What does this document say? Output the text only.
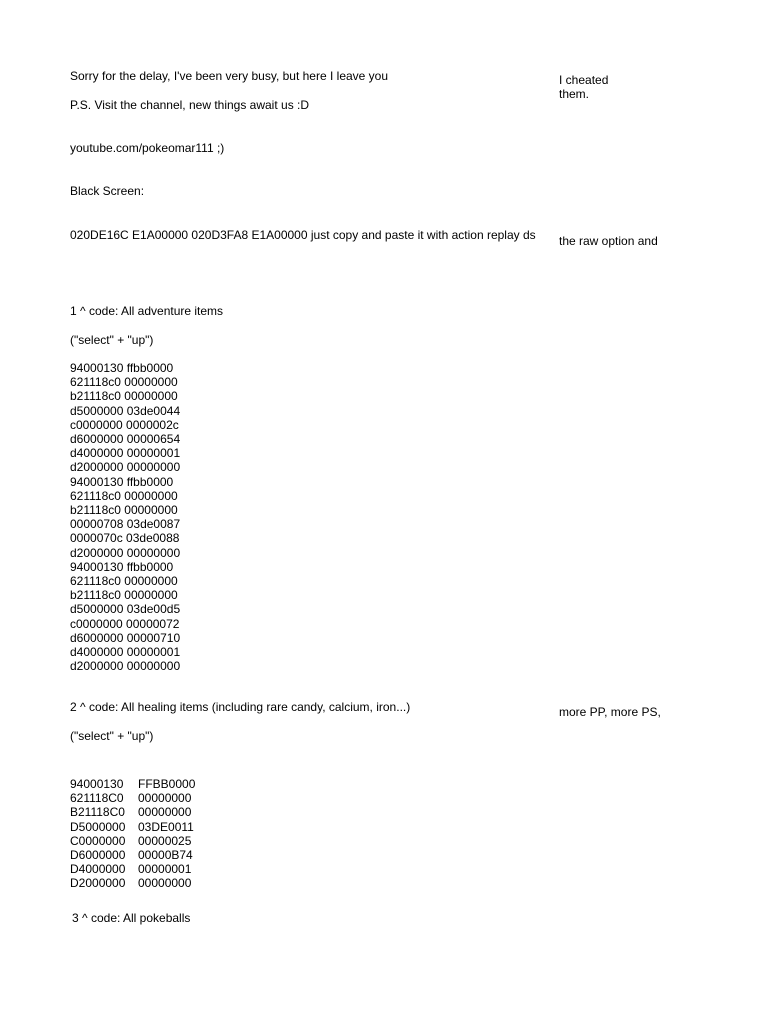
Sorry for the delay, I've been very busy, but here I leave you
P.S. Visit the channel, new things await us :D
youtube.com/pokeomar111 ;)
Black Screen:
020DE16C E1A00000 020D3FA8 E1A00000 just copy and paste it with action replay ds
1 ^ code: All adventure items
("select" + "up")
94000130 ffbb0000
621118c0 00000000
b21118c0 00000000
d5000000 03de0044
c0000000 0000002c
d6000000 00000654
d4000000 00000001
d2000000 00000000
94000130 ffbb0000
621118c0 00000000
b21118c0 00000000
00000708 03de0087
0000070c 03de0088
d2000000 00000000
94000130 ffbb0000
621118c0 00000000
b21118c0 00000000
d5000000 03de00d5
c0000000 00000072
d6000000 00000710
d4000000 00000001
d2000000 00000000
2 ^ code: All healing items (including rare candy, calcium, iron...)
("select" + "up")
94000130	FFBB0000
621118C0	00000000
B21118C0	00000000
D5000000	03DE0011
C0000000	00000025
D6000000	00000B74
D4000000	00000001
D2000000	00000000
3 ^ code: All pokeballs
I cheated
them.
the raw option and
more PP, more PS,
